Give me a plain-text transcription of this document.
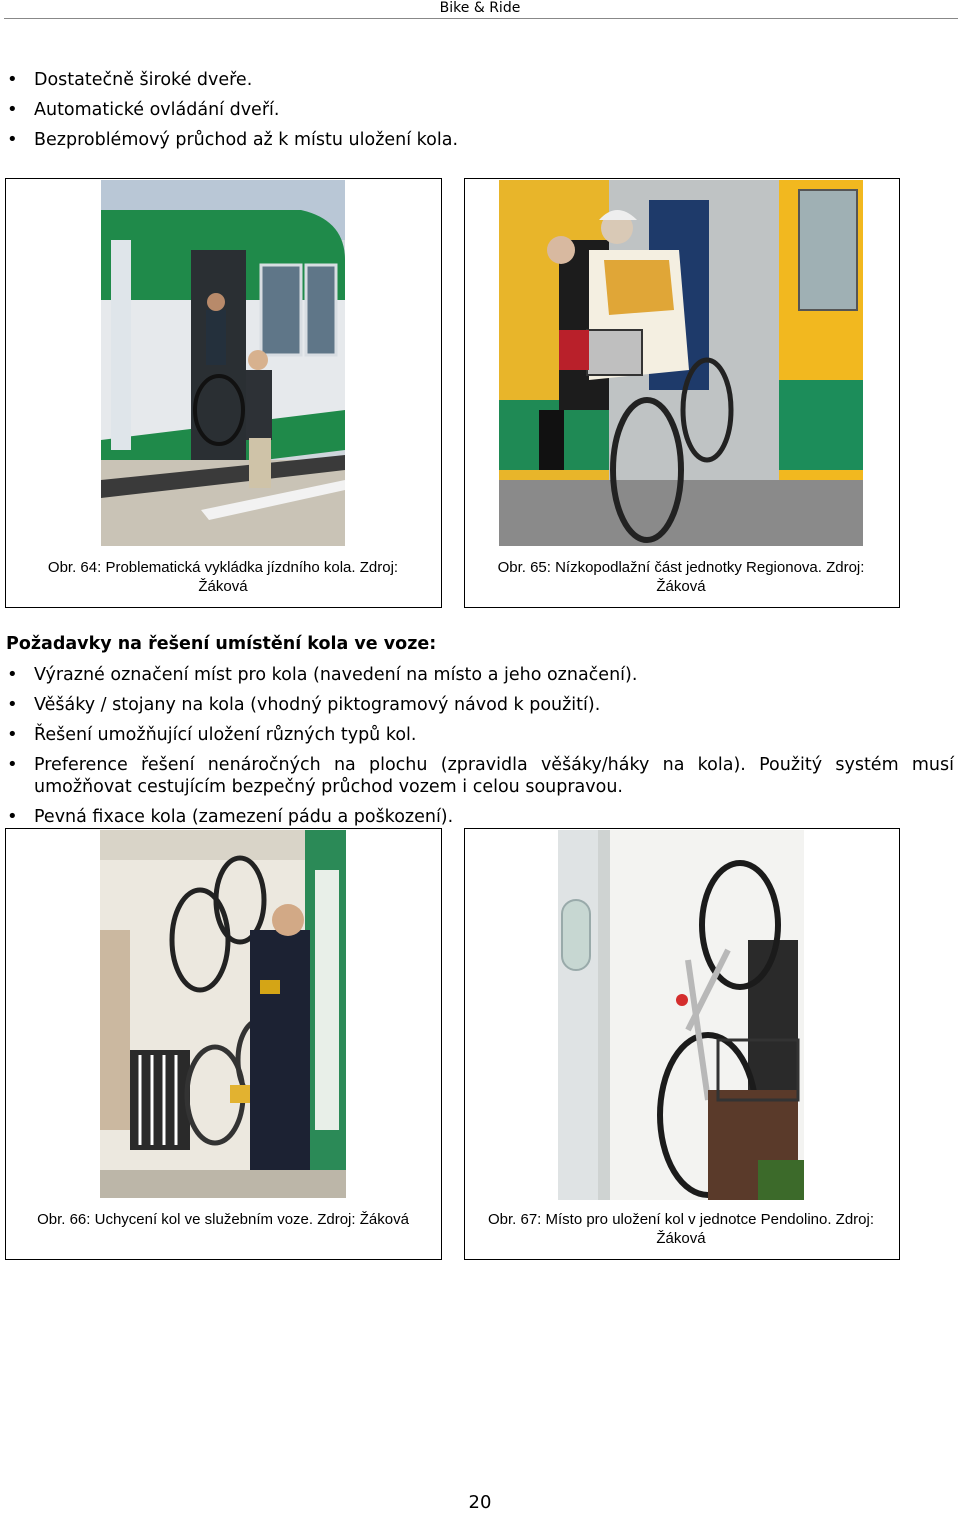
Bike & Ride
• Dostatečně široké dveře.
• Automatické ovládání dveří.
• Bezproblémový průchod až k místu uložení kola.

Obr. 64: Problematická vykládka jízdního kola. Zdroj: Žáková
Obr. 65: Nízkopodlažní část jednotky Regionova. Zdroj: Žáková
Požadavky na řešení umístění kola ve voze:
• Výrazné označení míst pro kola (navedení na místo a jeho označení).
• Věšáky / stojany na kola (vhodný piktogramový návod k použití).
• Řešení umožňující uložení různých typů kol.
• Preference řešení nenáročných na plochu (zpravidla věšáky/háky na kola). Použitý systém musí umožňovat cestujícím bezpečný průchod vozem i celou soupravou.
• Pevná fixace kola (zamezení pádu a poškození).

Obr. 66: Uchycení kol ve služebním voze. Zdroj: Žáková	Obr. 67: Místo pro uložení kol v jednotce Pendolino. Zdroj: Žáková
20
